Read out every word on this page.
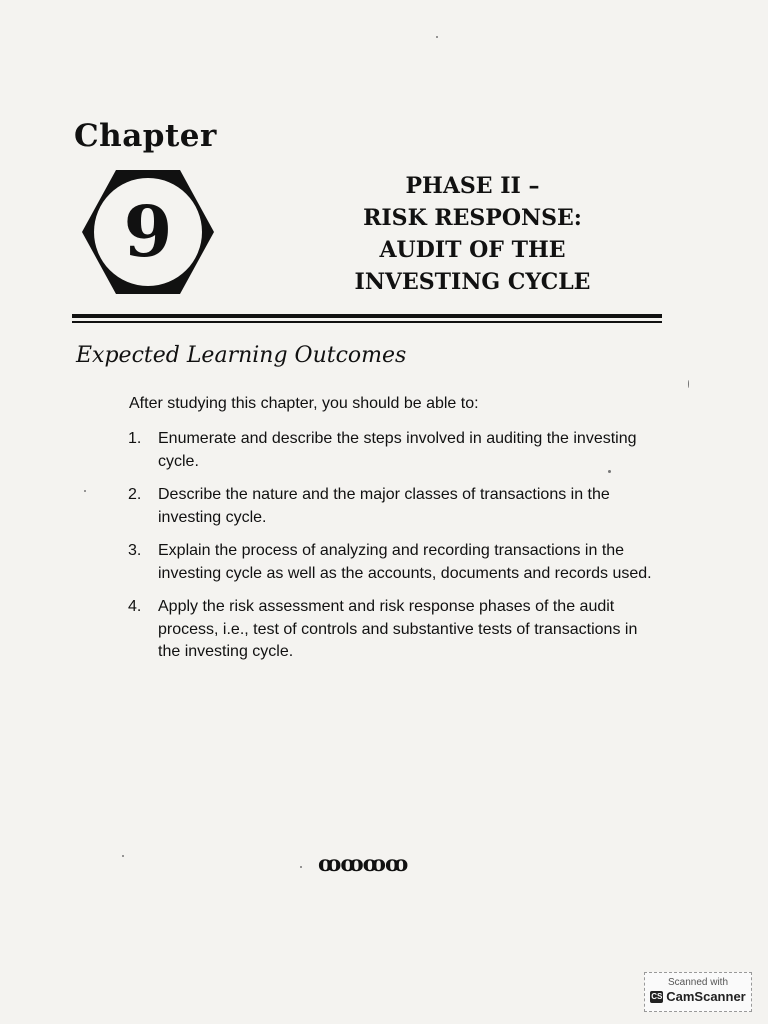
Chapter
9
PHASE II –
RISK RESPONSE:
AUDIT OF THE
INVESTING CYCLE
Expected Learning Outcomes
After studying this chapter, you should be able to:
1.	Enumerate and describe the steps involved in auditing the investing cycle.
2.	Describe the nature and the major classes of transactions in the investing cycle.
3.	Explain the process of analyzing and recording transactions in the investing cycle as well as the accounts, documents and records used.
4.	Apply the risk assessment and risk response phases of the audit process, i.e., test of controls and substantive tests of transactions in the investing cycle.
ꝏꝏꝏꝏ
Scanned with
CS CamScanner
